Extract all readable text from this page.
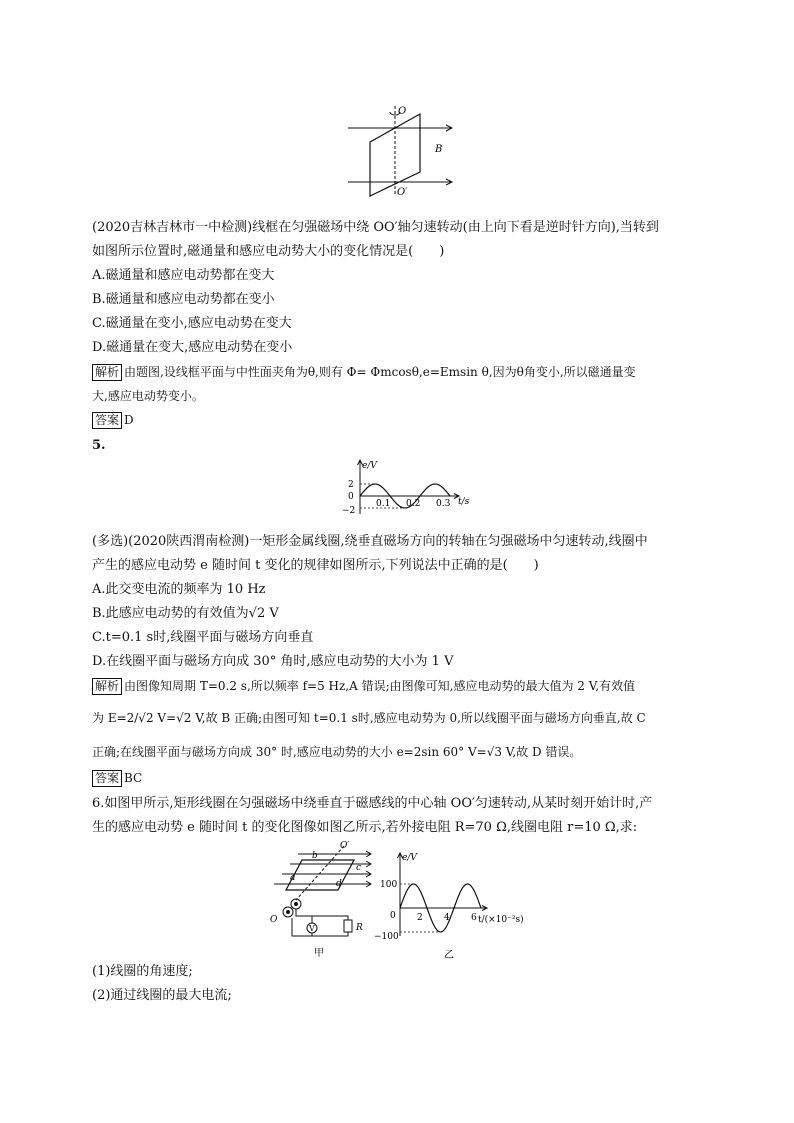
O
O′
B
(2020吉林吉林市一中检测)线框在匀强磁场中绕 OO′轴匀速转动(由上向下看是逆时针方向),当转到
如图所示位置时,磁通量和感应电动势大小的变化情况是(　　)
A.磁通量和感应电动势都在变大
B.磁通量和感应电动势都在变小
C.磁通量在变小,感应电动势在变大
D.磁通量在变大,感应电动势在变小
解析 由题图,设线框平面与中性面夹角为θ,则有 Φ= Φmcosθ,e=Emsin θ,因为θ角变小,所以磁通量变
大,感应电动势变小。
答案 D
5.
e/V
t/s
2
0
−2
0.1 0.2 0.3
(多选)(2020陕西渭南检测)一矩形金属线圈,绕垂直磁场方向的转轴在匀强磁场中匀速转动,线圈中
产生的感应电动势 e 随时间 t 变化的规律如图所示,下列说法中正确的是(　　)
A.此交变电流的频率为 10 Hz
B.此感应电动势的有效值为√2 V
C.t=0.1 s时,线圈平面与磁场方向垂直
D.在线圈平面与磁场方向成 30° 角时,感应电动势的大小为 1 V
解析 由图像知周期 T=0.2 s,所以频率 f=5 Hz,A 错误;由图像可知,感应电动势的最大值为 2 V,有效值
为 E=2/√2 V=√2 V,故 B 正确;由图可知 t=0.1 s时,感应电动势为 0,所以线圈平面与磁场方向垂直,故 C
正确;在线圈平面与磁场方向成 30° 时,感应电动势的大小 e=2sin 60° V=√3 V,故 D 错误。
答案 BC
6.如图甲所示,矩形线圈在匀强磁场中绕垂直于磁感线的中心轴 OO′匀速转动,从某时刻开始计时,产
生的感应电动势 e 随时间 t 的变化图像如图乙所示,若外接电阻 R=70 Ω,线圈电阻 r=10 Ω,求:
O′
b
c
a
d
O
V	R
甲
e/V
t/(×10⁻²s)
100
0
−100
2 4 6
乙
(1)线圈的角速度;
(2)通过线圈的最大电流;
